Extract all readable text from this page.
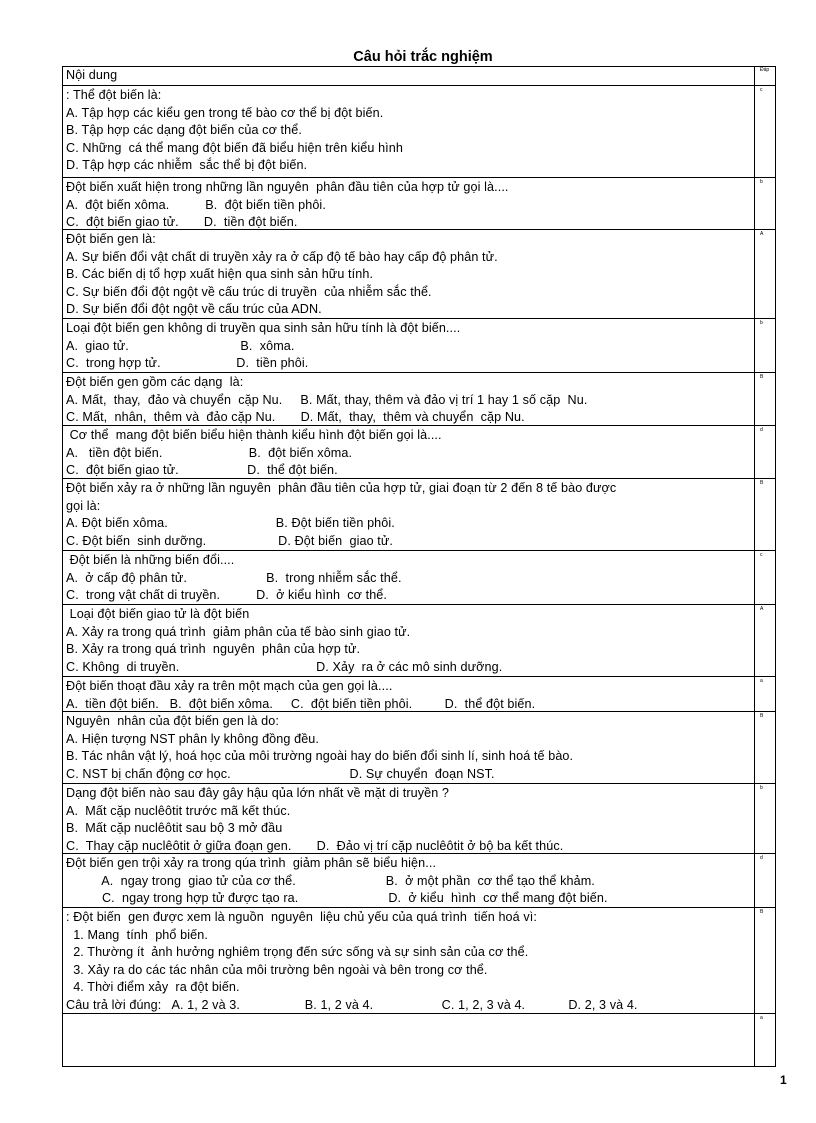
Câu hỏi trắc nghiệm
Nội dung	Đáp
: Thể đột biến là:
A. Tập hợp các kiểu gen trong tế bào cơ thể bị đột biến.
B. Tập hợp các dạng đột biến của cơ thể.
C. Những  cá thể mang đột biến đã biểu hiện trên kiểu hình
D. Tập hợp các nhiễm  sắc thể bị đột biến.
c
Đột biến xuất hiện trong những lần nguyên  phân đầu tiên của hợp tử gọi là....
A.  đột biến xôma.          B.  đột biến tiền phôi.
C.  đột biến giao tử.       D.  tiền đột biến.
b
Đột biến gen là:
A. Sự biến đổi vật chất di truyền xảy ra ở cấp độ tế bào hay cấp độ phân tử.
B. Các biến dị tổ hợp xuất hiện qua sinh sản hữu tính.
C. Sự biến đổi đột ngột về cấu trúc di truyền  của nhiễm sắc thể.
D. Sự biến đổi đột ngột về cấu trúc của ADN.
A
Loại đột biến gen không di truyền qua sinh sản hữu tính là đột biến....
A.  giao tử.                               B.  xôma.
C.  trong hợp tử.                     D.  tiền phôi.
b
Đột biến gen gồm các dạng  là:
A. Mất,  thay,  đảo và chuyển  cặp Nu.     B. Mất, thay, thêm và đảo vị trí 1 hay 1 số cặp  Nu.
C. Mất,  nhân,  thêm và  đảo cặp Nu.       D. Mất,  thay,  thêm và chuyển  cặp Nu.
B
Cơ thể  mang đột biến biểu hiện thành kiểu hình đột biến gọi là....
A.   tiền đột biến.                        B.  đột biến xôma.
C.  đột biến giao tử.                   D.  thể đột biến.
d
Đột biến xảy ra ở những lần nguyên  phân đầu tiên của hợp tử, giai đoạn từ 2 đến 8 tế bào được
gọi là:
A. Đột biến xôma.                              B. Đột biến tiền phôi.
C. Đột biến  sinh dưỡng.                    D. Đột biến  giao tử.
B
Đột biến là những biến đổi....
A.  ở cấp độ phân tử.                      B.  trong nhiễm sắc thể.
C.  trong vật chất di truyền.          D.  ở kiểu hình  cơ thể.
c
Loại đột biến giao tử là đột biến
A. Xảy ra trong quá trình  giảm phân của tế bào sinh giao tử.
B. Xảy ra trong quá trình  nguyên  phân của hợp tử.
C. Không  di truyền.                                      D. Xảy  ra ở các mô sinh dưỡng.
A
Đột biến thoạt đầu xảy ra trên một mạch của gen gọi là....
A.  tiền đột biến.   B.  đột biến xôma.     C.  đột biến tiền phôi.         D.  thể đột biến.
a
Nguyên  nhân của đột biến gen là do:
A. Hiện tượng NST phân ly không đồng đều.
B. Tác nhân vật lý, hoá học của môi trường ngoài hay do biến đổi sinh lí, sinh hoá tế bào.
C. NST bị chấn động cơ học.                                 D. Sự chuyển  đoạn NST.
B
Dạng đột biến nào sau đây gây hậu qủa lớn nhất về mặt di truyền ?
A.  Mất cặp nuclêôtit trước mã kết thúc.
B.  Mất cặp nuclêôtit sau bộ 3 mở đầu
C.  Thay cặp nuclêôtit ở giữa đoạn gen.       D.  Đảo vị trí cặp nuclêôtit ở bộ ba kết thúc.
b
Đột biến gen trội xảy ra trong qúa trình  giảm phân sẽ biểu hiện...
A.  ngay trong  giao tử của cơ thể.                         B.  ở một phần  cơ thể tạo thể khảm.
C.  ngay trong hợp tử được tạo ra.                         D.  ở kiểu  hình  cơ thể mang đột biến.
d
: Đột biến  gen được xem là nguồn  nguyên  liệu chủ yếu của quá trình  tiến hoá vì:
1. Mang  tính  phổ biến.
2. Thường ít  ảnh hưởng nghiêm trọng đến sức sống và sự sinh sản của cơ thể.
3. Xảy ra do các tác nhân của môi trường bên ngoài và bên trong cơ thể.
4. Thời điểm xảy  ra đột biến.
Câu trả lời đúng:   A. 1, 2 và 3.                  B. 1, 2 và 4.                   C. 1, 2, 3 và 4.            D. 2, 3 và 4.
B
a
1
